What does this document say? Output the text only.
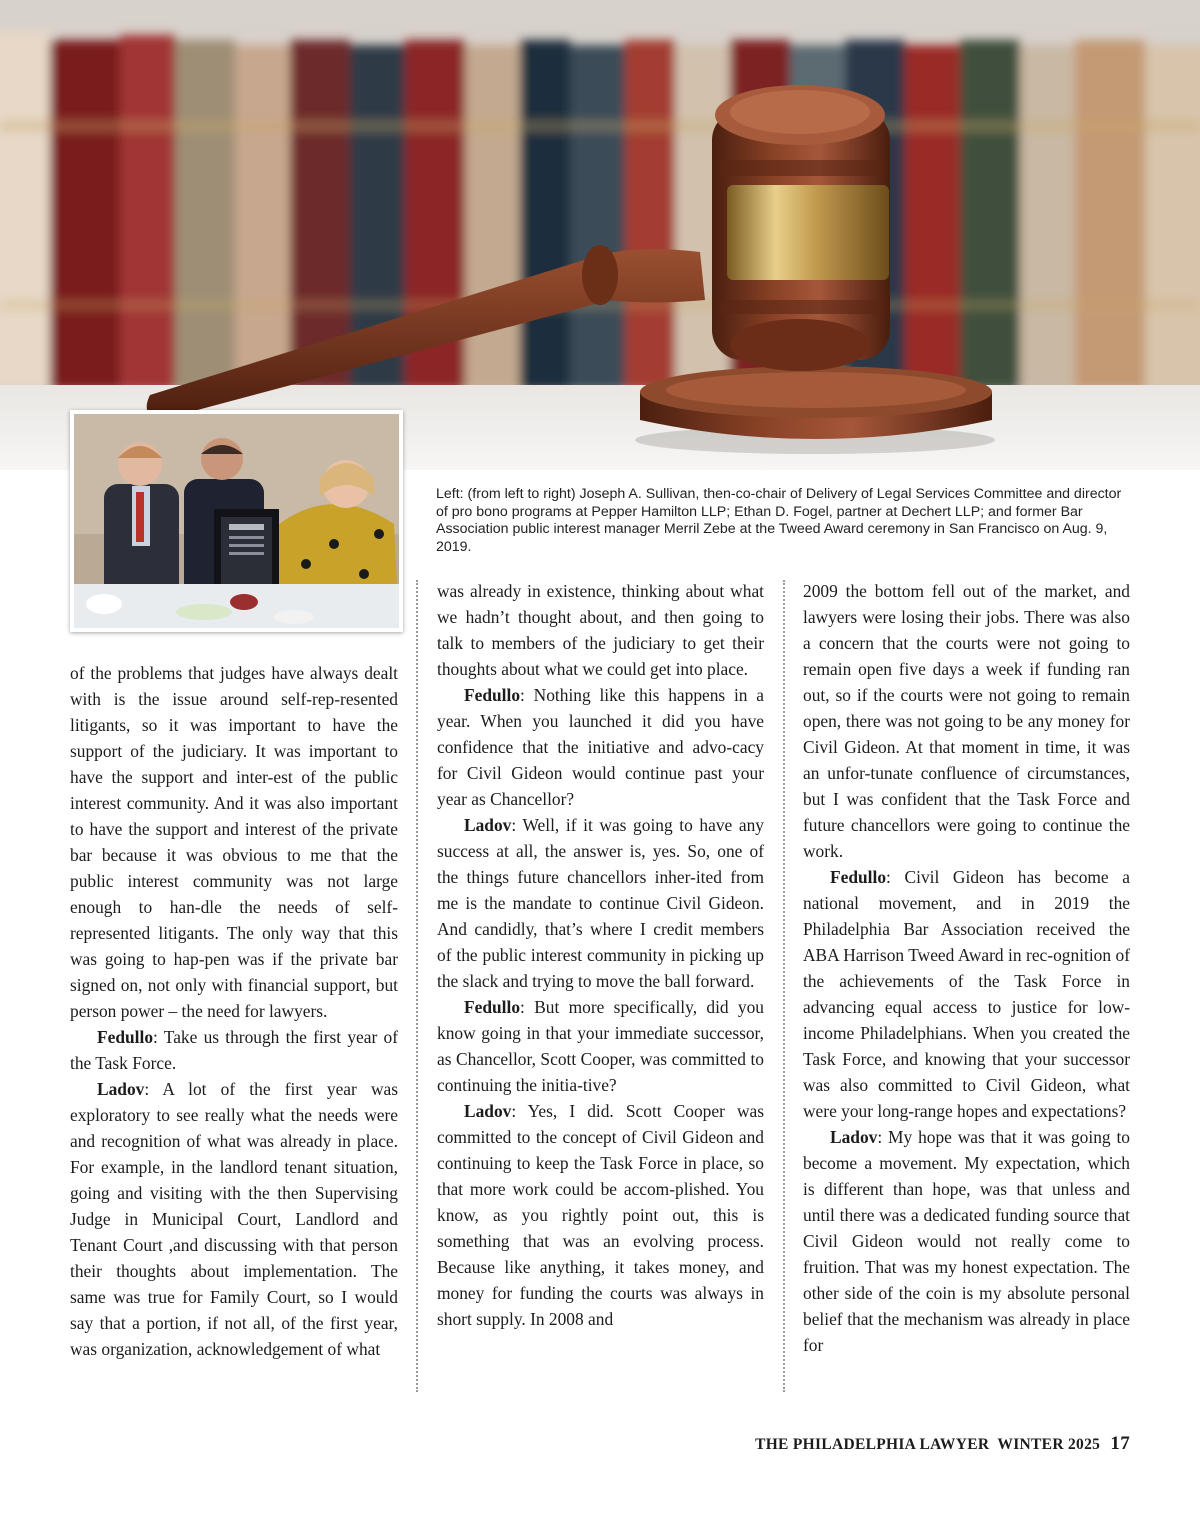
Left: (from left to right) Joseph A. Sullivan, then-co-chair of Delivery of Legal Services Committee and director of pro bono programs at Pepper Hamilton LLP; Ethan D. Fogel, partner at Dechert LLP; and former Bar Association public interest manager Merril Zebe at the Tweed Award ceremony in San Francisco on Aug. 9, 2019.

of the problems that judges have always dealt with is the issue around self-rep-resented litigants, so it was important to have the support of the judiciary. It was important to have the support and inter-est of the public interest community. And it was also important to have the support and interest of the private bar because it was obvious to me that the public interest community was not large enough to han-dle the needs of self-represented litigants. The only way that this was going to hap-pen was if the private bar signed on, not only with financial support, but person power – the need for lawyers.

Fedullo: Take us through the first year of the Task Force.

Ladov: A lot of the first year was exploratory to see really what the needs were and recognition of what was already in place. For example, in the landlord tenant situation, going and visiting with the then Supervising Judge in Municipal Court, Landlord and Tenant Court ,and discussing with that person their thoughts about implementation. The same was true for Family Court, so I would say that a portion, if not all, of the first year, was organization, acknowledgement of what

was already in existence, thinking about what we hadn’t thought about, and then going to talk to members of the judiciary to get their thoughts about what we could get into place.

Fedullo: Nothing like this happens in a year. When you launched it did you have confidence that the initiative and advo-cacy for Civil Gideon would continue past your year as Chancellor?

Ladov: Well, if it was going to have any success at all, the answer is, yes. So, one of the things future chancellors inher-ited from me is the mandate to continue Civil Gideon. And candidly, that’s where I credit members of the public interest community in picking up the slack and trying to move the ball forward.

Fedullo: But more specifically, did you know going in that your immediate successor, as Chancellor, Scott Cooper, was committed to continuing the initia-tive?

Ladov: Yes, I did. Scott Cooper was committed to the concept of Civil Gideon and continuing to keep the Task Force in place, so that more work could be accom-plished. You know, as you rightly point out, this is something that was an evolving process. Because like anything, it takes money, and money for funding the courts was always in short supply. In 2008 and

2009 the bottom fell out of the market, and lawyers were losing their jobs. There was also a concern that the courts were not going to remain open five days a week if funding ran out, so if the courts were not going to remain open, there was not going to be any money for Civil Gideon. At that moment in time, it was an unfor-tunate confluence of circumstances, but I was confident that the Task Force and future chancellors were going to continue the work.

Fedullo: Civil Gideon has become a national movement, and in 2019 the Philadelphia Bar Association received the ABA Harrison Tweed Award in rec-ognition of the achievements of the Task Force in advancing equal access to justice for low-income Philadelphians. When you created the Task Force, and knowing that your successor was also committed to Civil Gideon, what were your long-range hopes and expectations?

Ladov: My hope was that it was going to become a movement. My expectation, which is different than hope, was that unless and until there was a dedicated funding source that Civil Gideon would not really come to fruition. That was my honest expectation. The other side of the coin is my absolute personal belief that the mechanism was already in place for

THE PHILADELPHIA LAWYER WINTER 2025 17
